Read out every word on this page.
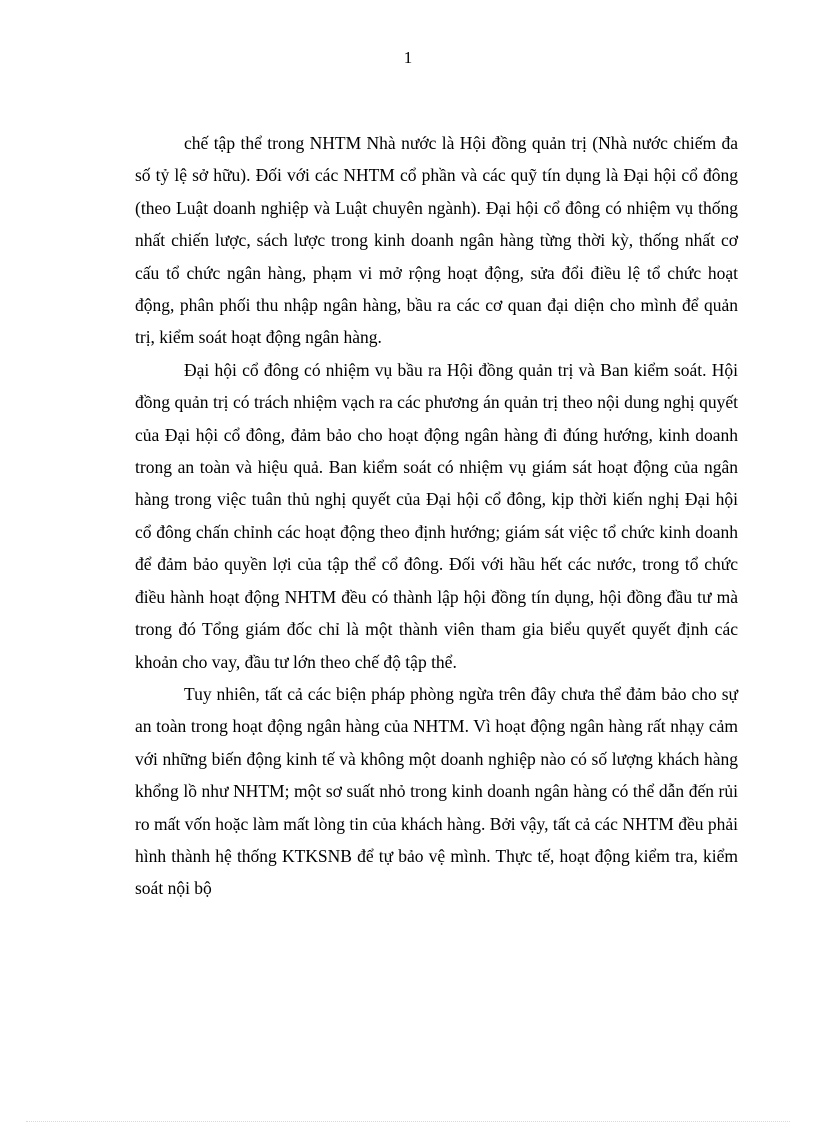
1

chế tập thể trong NHTM Nhà nước là Hội đồng quản trị (Nhà nước chiếm đa số tỷ lệ sở hữu). Đối với các NHTM cổ phần và các quỹ tín dụng là Đại hội cổ đông (theo Luật doanh nghiệp và Luật chuyên ngành). Đại hội cổ đông có nhiệm vụ thống nhất chiến lược, sách lược trong kinh doanh ngân hàng từng thời kỳ, thống nhất cơ cấu tổ chức ngân hàng, phạm vi mở rộng hoạt động, sửa đổi điều lệ tổ chức hoạt động, phân phối thu nhập ngân hàng, bầu ra các cơ quan đại diện cho mình để quản trị, kiểm soát hoạt động ngân hàng.

Đại hội cổ đông có nhiệm vụ bầu ra Hội đồng quản trị và Ban kiểm soát. Hội đồng quản trị có trách nhiệm vạch ra các phương án quản trị theo nội dung nghị quyết của Đại hội cổ đông, đảm bảo cho hoạt động ngân hàng đi đúng hướng, kinh doanh trong an toàn và hiệu quả. Ban kiểm soát có nhiệm vụ giám sát hoạt động của ngân hàng trong việc tuân thủ nghị quyết của Đại hội cổ đông, kịp thời kiến nghị Đại hội cổ đông chấn chỉnh các hoạt động theo định hướng; giám sát việc tổ chức kinh doanh để đảm bảo quyền lợi của tập thể cổ đông. Đối với hầu hết các nước, trong tổ chức điều hành hoạt động NHTM đều có thành lập hội đồng tín dụng, hội đồng đầu tư mà trong đó Tổng giám đốc chỉ là một thành viên tham gia biểu quyết quyết định các khoản cho vay, đầu tư lớn theo chế độ tập thể.

Tuy nhiên, tất cả các biện pháp phòng ngừa trên đây chưa thể đảm bảo cho sự an toàn trong hoạt động ngân hàng của NHTM. Vì hoạt động ngân hàng rất nhạy cảm với những biến động kinh tế và không một doanh nghiệp nào có số lượng khách hàng khổng lồ như NHTM; một sơ suất nhỏ trong kinh doanh ngân hàng có thể dẫn đến rủi ro mất vốn hoặc làm mất lòng tin của khách hàng. Bởi vậy, tất cả các NHTM đều phải hình thành hệ thống KTKSNB để tự bảo vệ mình. Thực tế, hoạt động kiểm tra, kiểm soát nội bộ
